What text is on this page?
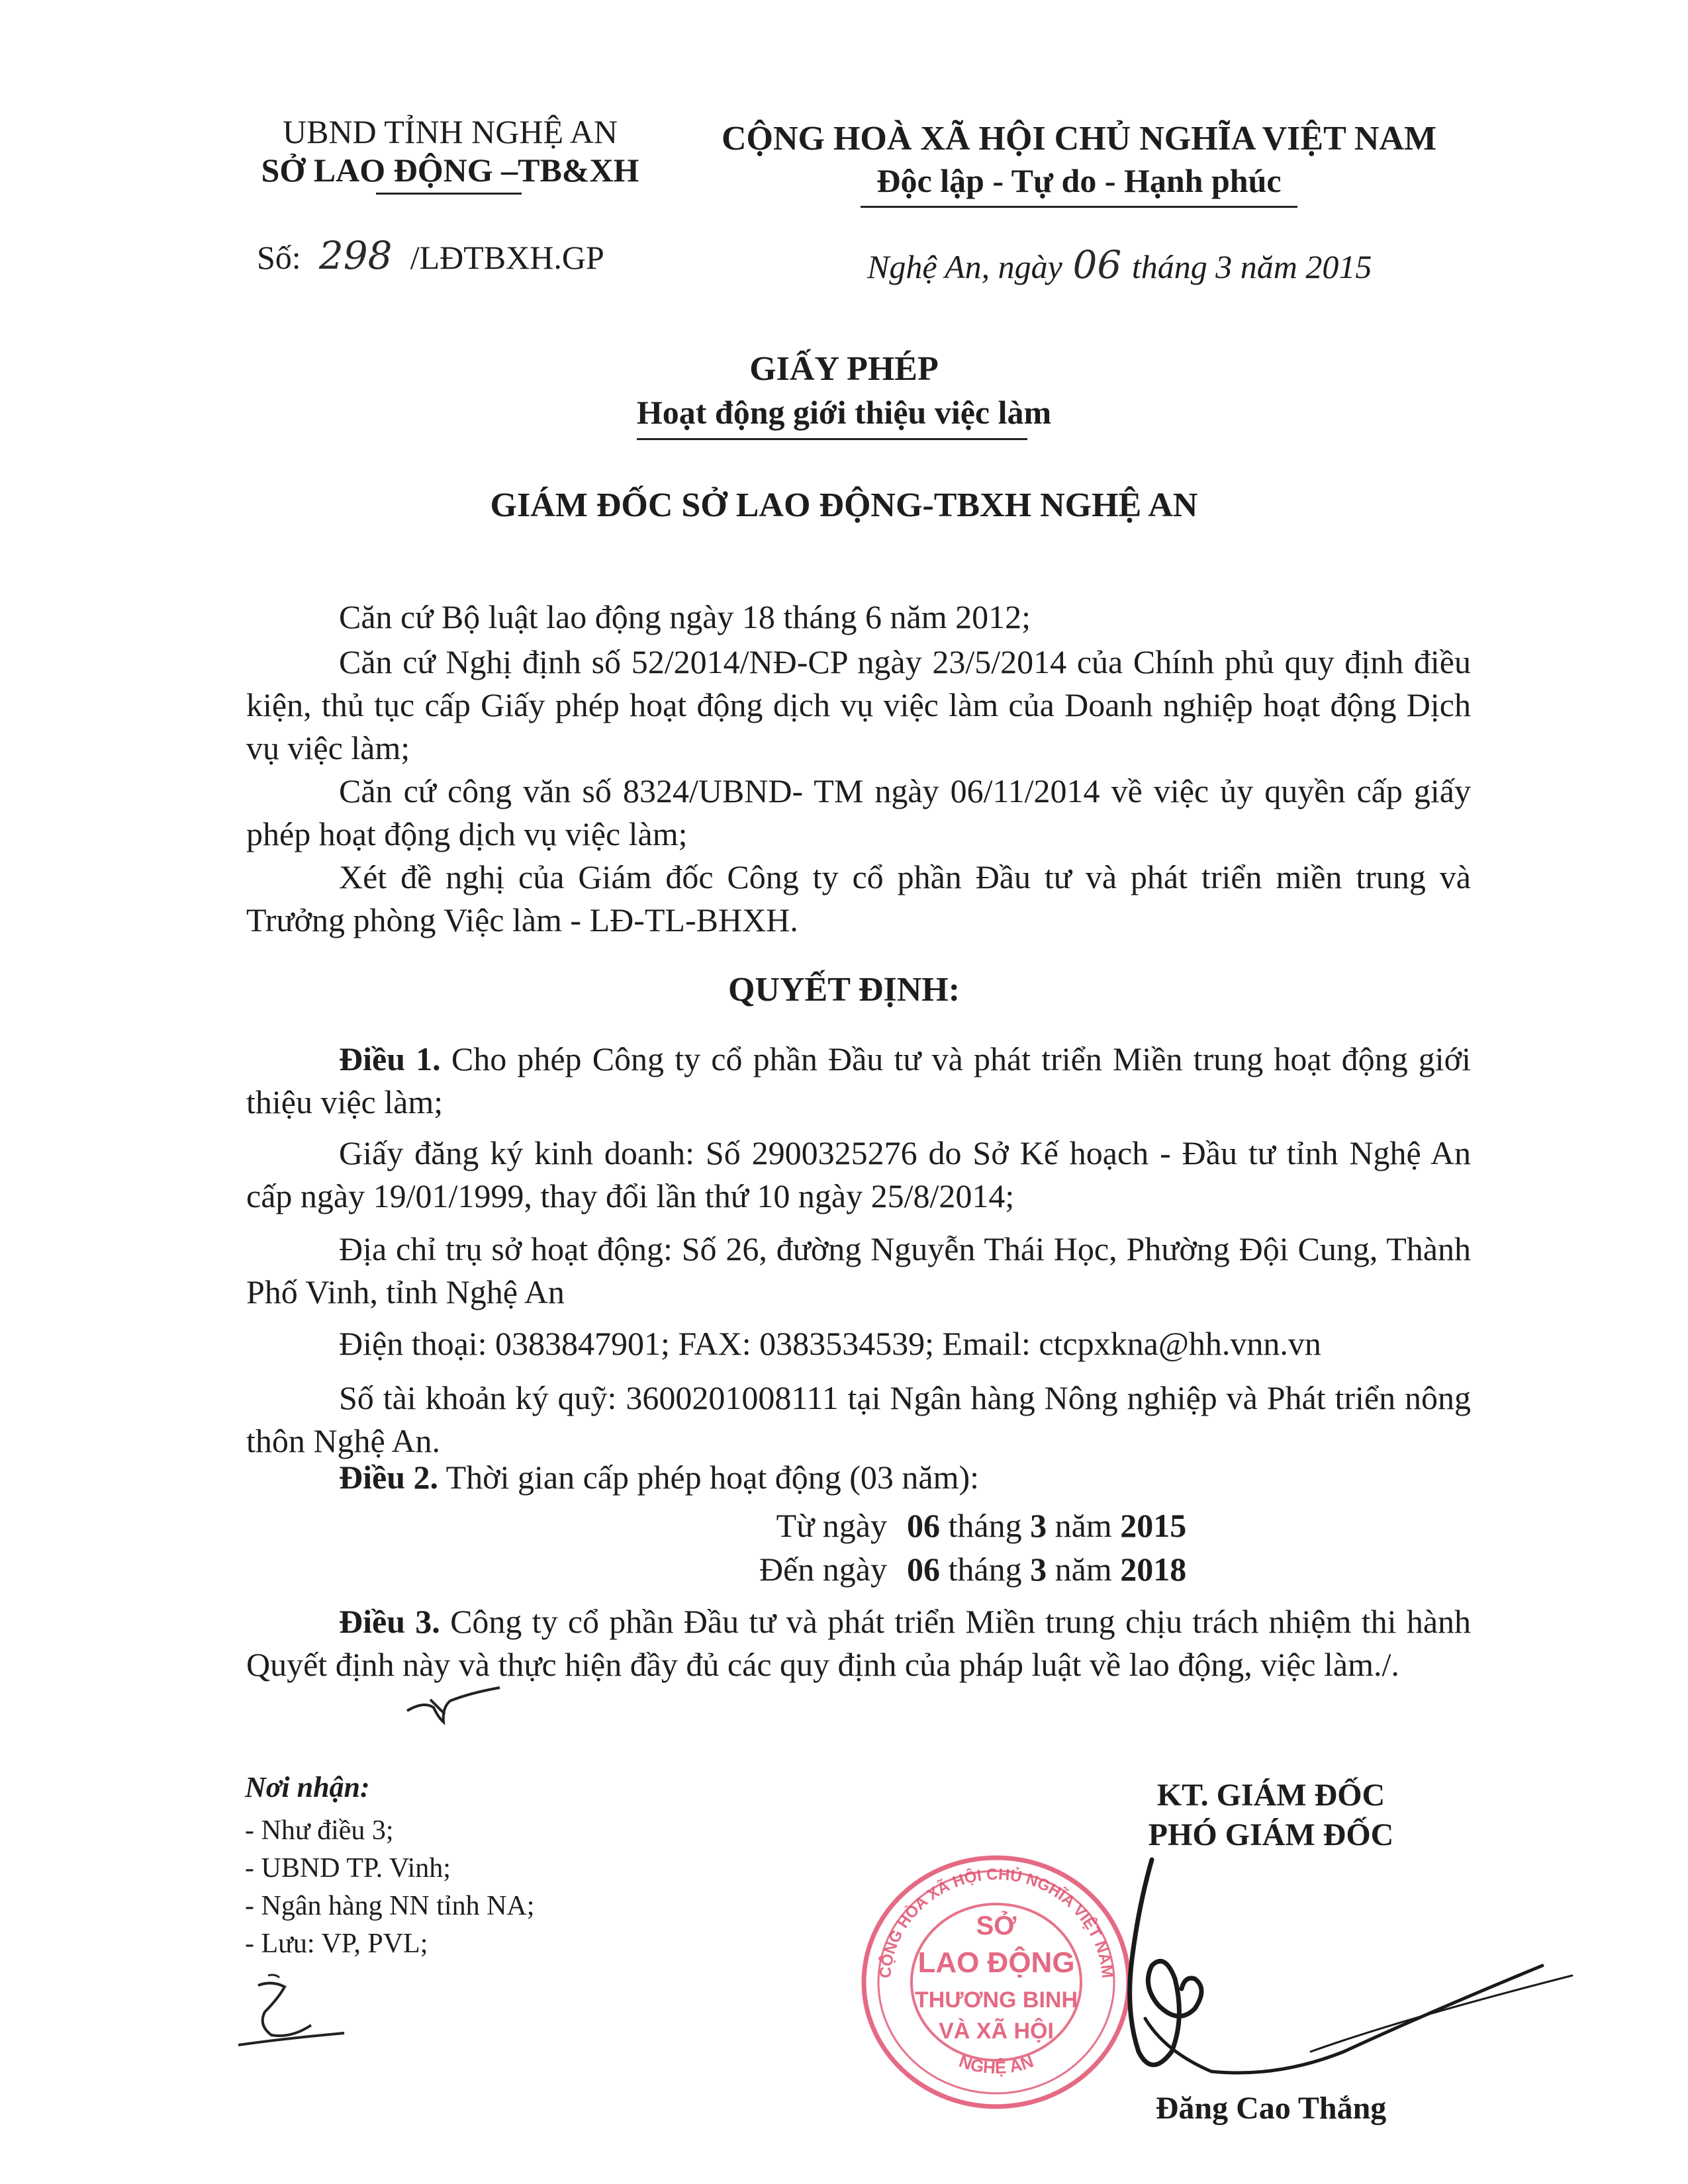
UBND TỈNH NGHỆ AN
SỞ LAO ĐỘNG –TB&XH
Số: 298 /LĐTBXH.GP
CỘNG HOÀ XÃ HỘI CHỦ NGHĨA VIỆT NAM
Độc lập - Tự do - Hạnh phúc
Nghệ An, ngày 06 tháng 3 năm 2015
GIẤY PHÉP
Hoạt động giới thiệu việc làm
GIÁM ĐỐC SỞ LAO ĐỘNG-TBXH NGHỆ AN
Căn cứ Bộ luật lao động ngày 18 tháng 6 năm 2012;
Căn cứ Nghị định số 52/2014/NĐ-CP ngày 23/5/2014 của Chính phủ quy định điều kiện, thủ tục cấp Giấy phép hoạt động dịch vụ việc làm của Doanh nghiệp hoạt động Dịch vụ việc làm;
Căn cứ công văn số 8324/UBND- TM ngày 06/11/2014 về việc ủy quyền cấp giấy phép hoạt động dịch vụ việc làm;
Xét đề nghị của Giám đốc Công ty cổ phần Đầu tư và phát triển miền trung và Trưởng phòng Việc làm - LĐ-TL-BHXH.
QUYẾT ĐỊNH:
Điều 1. Cho phép Công ty cổ phần Đầu tư và phát triển Miền trung hoạt động giới thiệu việc làm;
Giấy đăng ký kinh doanh: Số 2900325276 do Sở Kế hoạch - Đầu tư tỉnh Nghệ An cấp ngày 19/01/1999, thay đổi lần thứ 10 ngày 25/8/2014;
Địa chỉ trụ sở hoạt động: Số 26, đường Nguyễn Thái Học, Phường Đội Cung, Thành Phố Vinh, tỉnh Nghệ An
Điện thoại: 0383847901; FAX: 0383534539; Email: ctcpxkna@hh.vnn.vn
Số tài khoản ký quỹ: 3600201008111 tại Ngân hàng Nông nghiệp và Phát triển nông thôn Nghệ An.
Điều 2. Thời gian cấp phép hoạt động (03 năm):
Từ ngày 06 tháng 3 năm 2015
Đến ngày 06 tháng 3 năm 2018
Điều 3. Công ty cổ phần Đầu tư và phát triển Miền trung chịu trách nhiệm thi hành Quyết định này và thực hiện đầy đủ các quy định của pháp luật về lao động, việc làm./.
Nơi nhận:
- Như điều 3;
- UBND TP. Vinh;
- Ngân hàng NN tỉnh NA;
- Lưu: VP, PVL;
KT. GIÁM ĐỐC
PHÓ GIÁM ĐỐC
CỘNG HÒA XÃ HỘI CHỦ NGHĨA VIỆT NAM
NGHỆ AN
SỞ
LAO ĐỘNG
THƯƠNG BINH
VÀ XÃ HỘI
Đăng Cao Thắng
